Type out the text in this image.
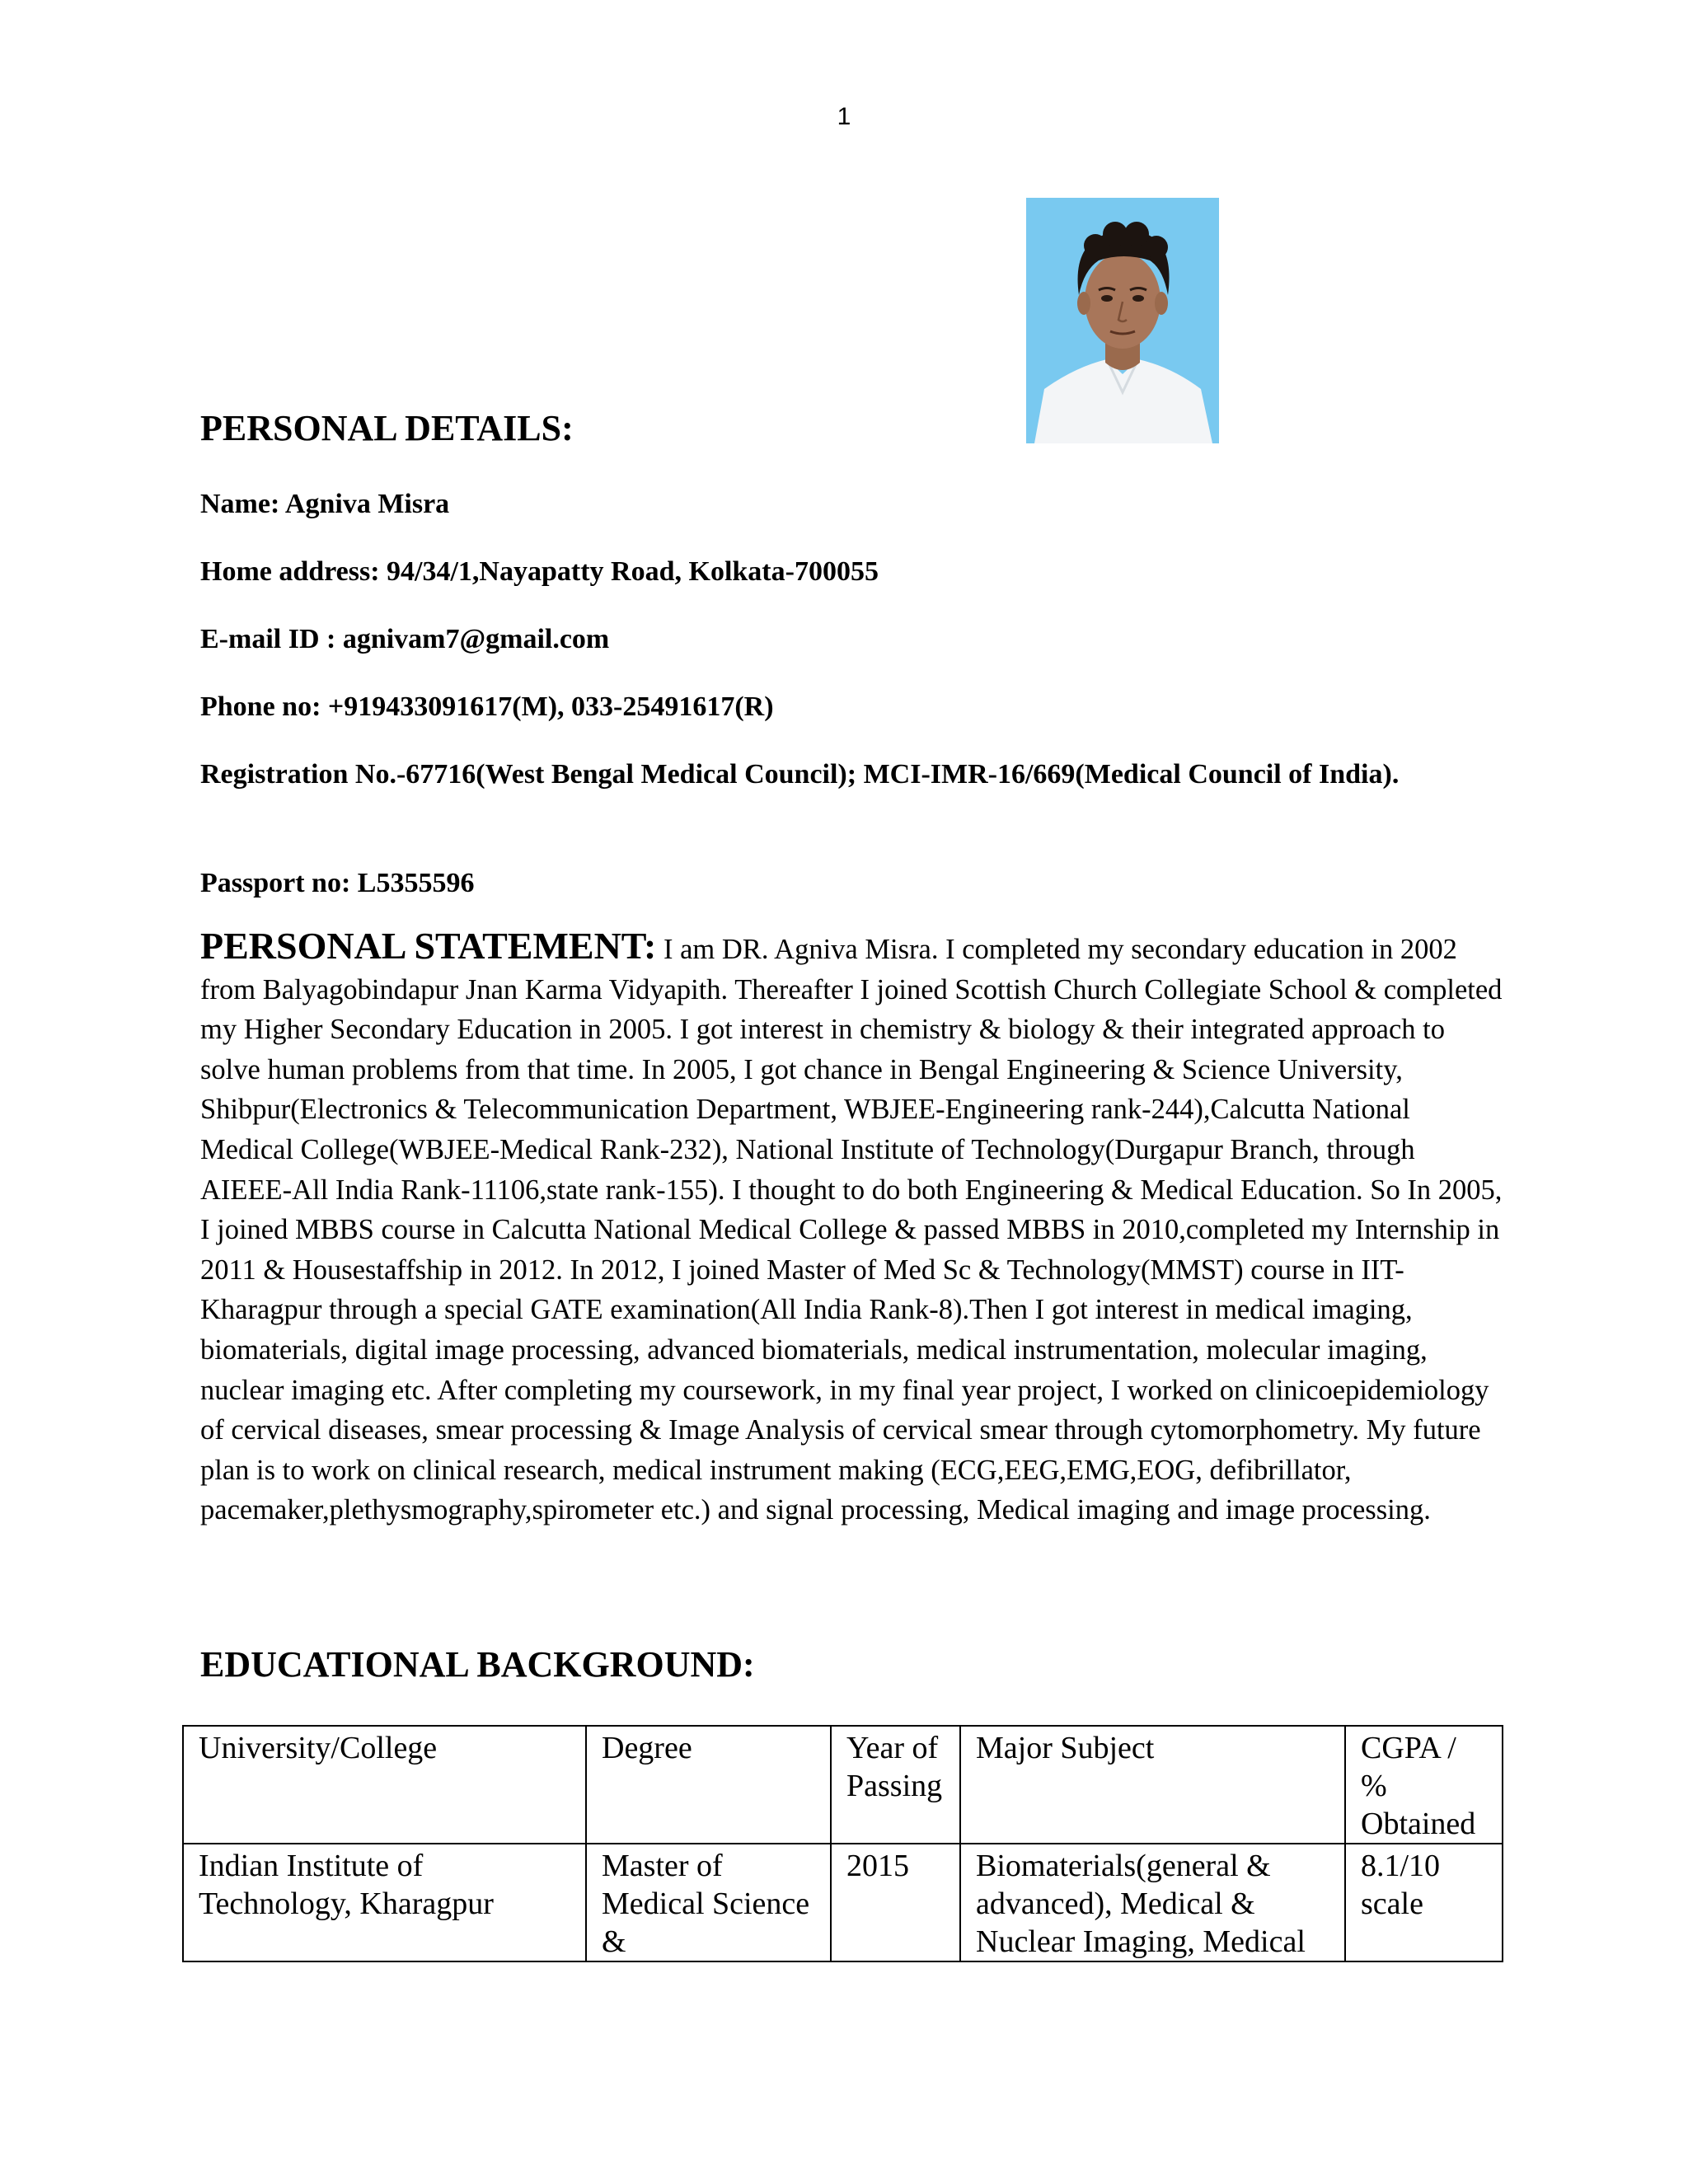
1
PERSONAL DETAILS:

Name: Agniva Misra

Home address: 94/34/1,Nayapatty Road, Kolkata-700055

E-mail ID : agnivam7@gmail.com

Phone no: +919433091617(M), 033-25491617(R)

Registration No.-67716(West Bengal Medical Council); MCI-IMR-16/669(Medical Council of India).

Passport no: L5355596

PERSONAL STATEMENT: I am DR. Agniva Misra. I completed my secondary education in 2002 from Balyagobindapur Jnan Karma Vidyapith. Thereafter I joined Scottish Church Collegiate School & completed my Higher Secondary Education in 2005. I got interest in chemistry & biology & their integrated approach to solve human problems from that time. In 2005, I got chance in Bengal Engineering & Science University, Shibpur(Electronics & Telecommunication Department, WBJEE-Engineering rank-244),Calcutta National Medical College(WBJEE-Medical Rank-232), National Institute of Technology(Durgapur Branch, through AIEEE-All India Rank-11106,state rank-155). I thought to do both Engineering & Medical Education. So In 2005, I joined MBBS course in Calcutta National Medical College & passed MBBS in 2010,completed my Internship in 2011 & Housestaffship in 2012. In 2012, I joined Master of Med Sc & Technology(MMST) course in IIT-Kharagpur through a special GATE examination(All India Rank-8).Then I got interest in medical imaging, biomaterials, digital image processing, advanced biomaterials, medical instrumentation, molecular imaging, nuclear imaging etc. After completing my coursework, in my final year project, I worked on clinicoepidemiology of cervical diseases, smear processing & Image Analysis of cervical smear through cytomorphometry. My future plan is to work on clinical research, medical instrument making (ECG,EEG,EMG,EOG, defibrillator, pacemaker,plethysmography,spirometer etc.) and signal processing, Medical imaging and image processing.

EDUCATIONAL BACKGROUND:
University/College	Degree	Year of Passing	Major Subject	CGPA / % Obtained
Indian Institute of Technology, Kharagpur	Master of Medical Science &	2015	Biomaterials(general & advanced), Medical & Nuclear Imaging, Medical	8.1/10 scale
